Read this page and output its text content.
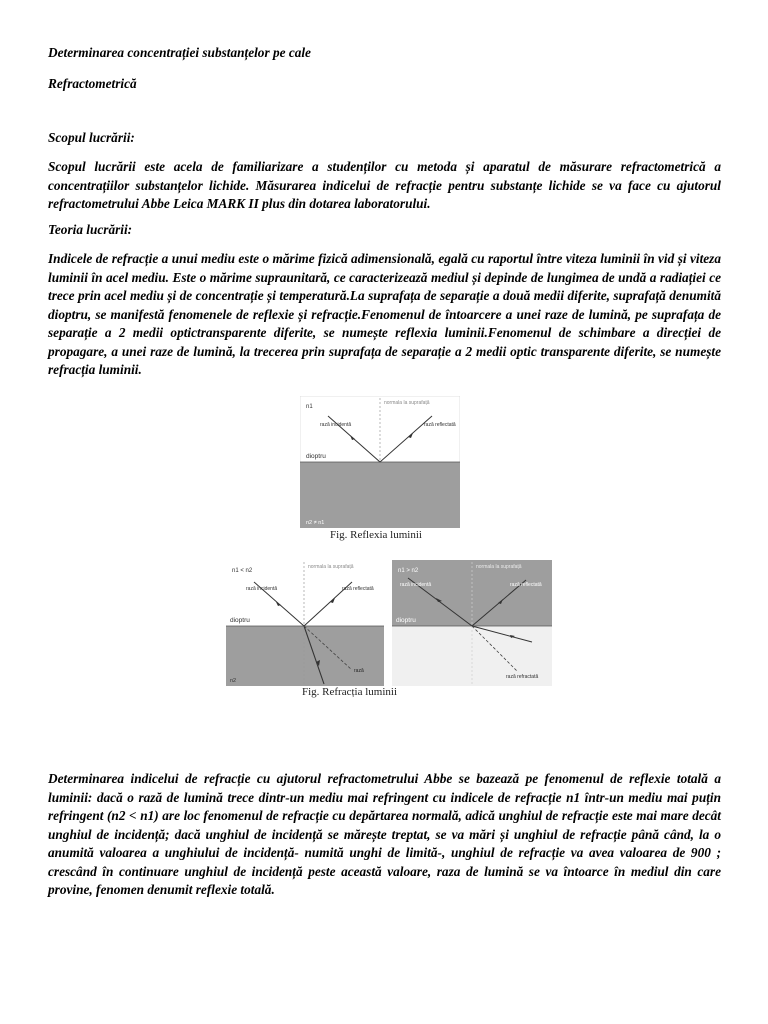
Determinarea concentrației substanțelor pe cale

Refractometrică

Scopul lucrării:

Scopul lucrării este acela de familiarizare a studenților cu metoda și aparatul de măsurare refractometrică a concentrațiilor substanțelor lichide. Măsurarea indicelui de refracție pentru substanțe lichide se va face cu ajutorul refractometrului Abbe Leica MARK II plus din dotarea laboratorului.

Teoria lucrării:

Indicele de refracție a unui mediu este o mărime fizică adimensională, egală cu raportul între viteza luminii în vid și viteza luminii în acel mediu. Este o mărime supraunitară, ce caracterizează mediul și depinde de lungimea de undă a radiației ce trece prin acel mediu și de concentrație și temperatură.La suprafața de separație a două medii diferite, suprafață denumită dioptru, se manifestă fenomenele de reflexie și refracție.Fenomenul de întoarcere a unei raze de lumină, pe suprafața de separație a 2 medii optictransparente diferite, se numește reflexia luminii.Fenomenul de schimbare a direcției de propagare, a unei raze de lumină, la trecerea prin suprafața de separație a 2 medii optic transparente diferite, se numește refracția luminii.

n1
normala la suprafață
rază incidentă	rază reflectată
dioptru
n2 ≠ n1
Fig. Reflexia luminii
n1 < n2
normala la suprafață
rază incidentă	rază reflectată
dioptru
rază
n2
n1 > n2
normala la suprafață
rază incidentă	rază reflectată
dioptru
rază refractată
Fig. Refracția luminii

Determinarea indicelui de refracție cu ajutorul refractometrului Abbe se bazează pe fenomenul de reflexie totală a luminii: dacă o rază de lumină trece dintr-un mediu mai refringent cu indicele de refracție n1 într-un mediu mai puțin refringent (n2 < n1) are loc fenomenul de refracție cu depărtarea normală, adică unghiul de refracție este mai mare decât unghiul de incidență; dacă unghiul de incidență se mărește treptat, se va mări și unghiul de refracție până când, la o anumită valoarea a unghiului de incidență- numită unghi de limită-, unghiul de refracție va avea valoarea de 900 ; crescând în continuare unghiul de incidență peste această valoare, raza de lumină se va întoarce în mediul din care provine, fenomen denumit reflexie totală.
